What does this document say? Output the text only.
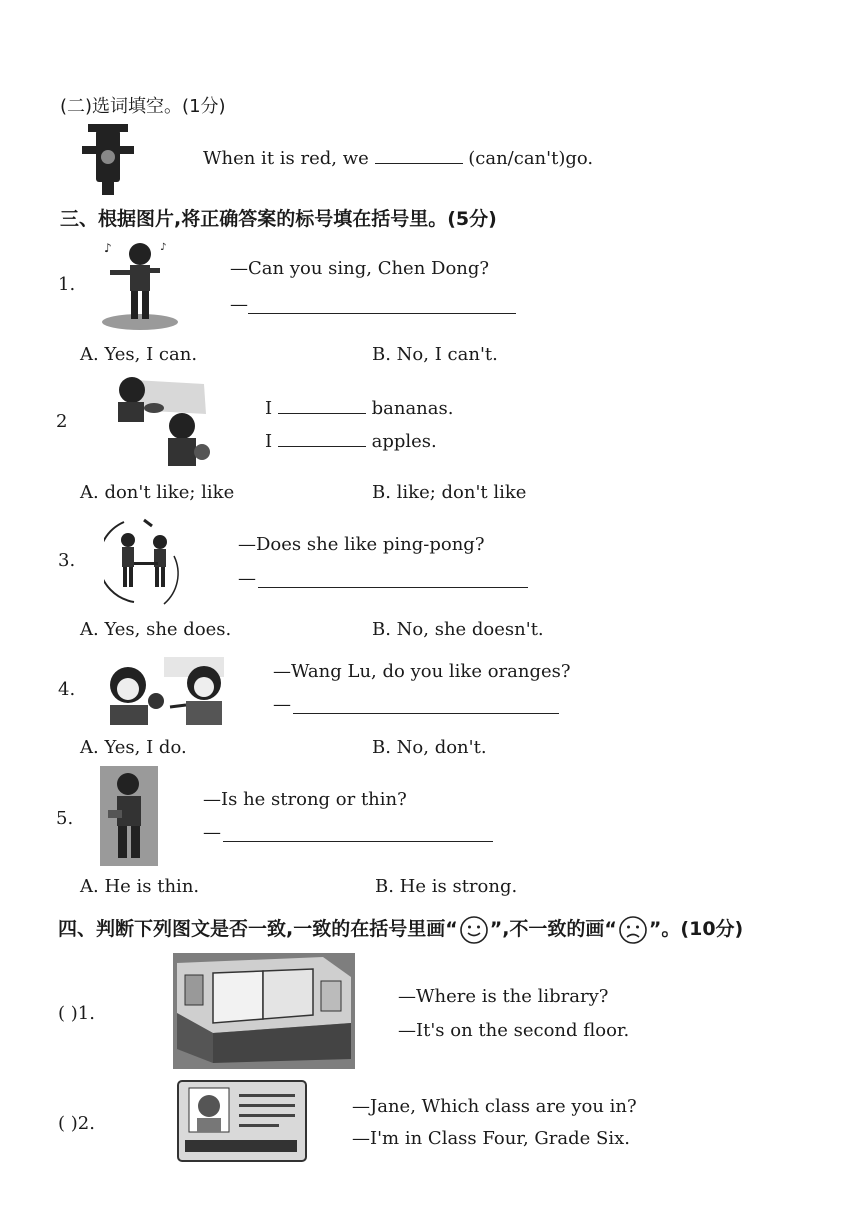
(二)选词填空。(1分)
When it is red, we	(can/can't)go.
三、根据图片,将正确答案的标号填在括号里。(5分)
1.
♪	♪
—Can you sing, Chen Dong?
—
A. Yes, I can.	B. No, I can't.
2
I	bananas.
I	apples.
A. don't like; like	B. like; don't like
3.
—Does she like ping-pong?
—
A. Yes, she does.	B. No, she doesn't.
4.
—Wang Lu, do you like oranges?
—
A. Yes, I do.	B. No, don't.
5.
—Is he strong or thin?
—
A. He is thin.	B. He is strong.
四、判断下列图文是否一致,一致的在括号里画“ ”,不一致的画“ ”。(10分)
( )1.
—Where is the library?
—It's on the second floor.
( )2.
—Jane, Which class are you in?
—I'm in Class Four, Grade Six.
